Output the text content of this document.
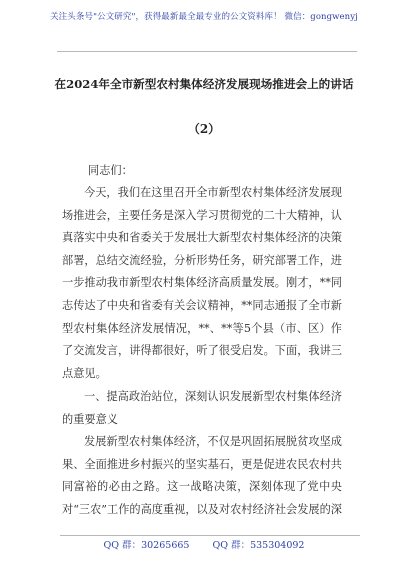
关注头条号"公文研究"，获得最新最全最专业的公文资料库！ 微信：gongwenyj
在2024年全市新型农村集体经济发展现场推进会上的讲话
（2）

同志们：

今天，我们在这里召开全市新型农村集体经济发展现场推进会，主要任务是深入学习贯彻党的二十大精神，认真落实中央和省委关于发展壮大新型农村集体经济的决策部署，总结交流经验，分析形势任务，研究部署工作，进一步推动我市新型农村集体经济高质量发展。刚才，**同志传达了中央和省委有关会议精神，**同志通报了全市新型农村集体经济发展情况，**、**等5个县（市、区）作了交流发言，讲得都很好，听了很受启发。下面，我讲三点意见。

一、提高政治站位，深刻认识发展新型农村集体经济的重要意义

发展新型农村集体经济，不仅是巩固拓展脱贫攻坚成果、全面推进乡村振兴的坚实基石，更是促进农民农村共同富裕的必由之路。这一战略决策，深刻体现了党中央对“三农”工作的高度重视，以及对农村经济社会发展的深

QQ 群：30265665 QQ 群：535304092
